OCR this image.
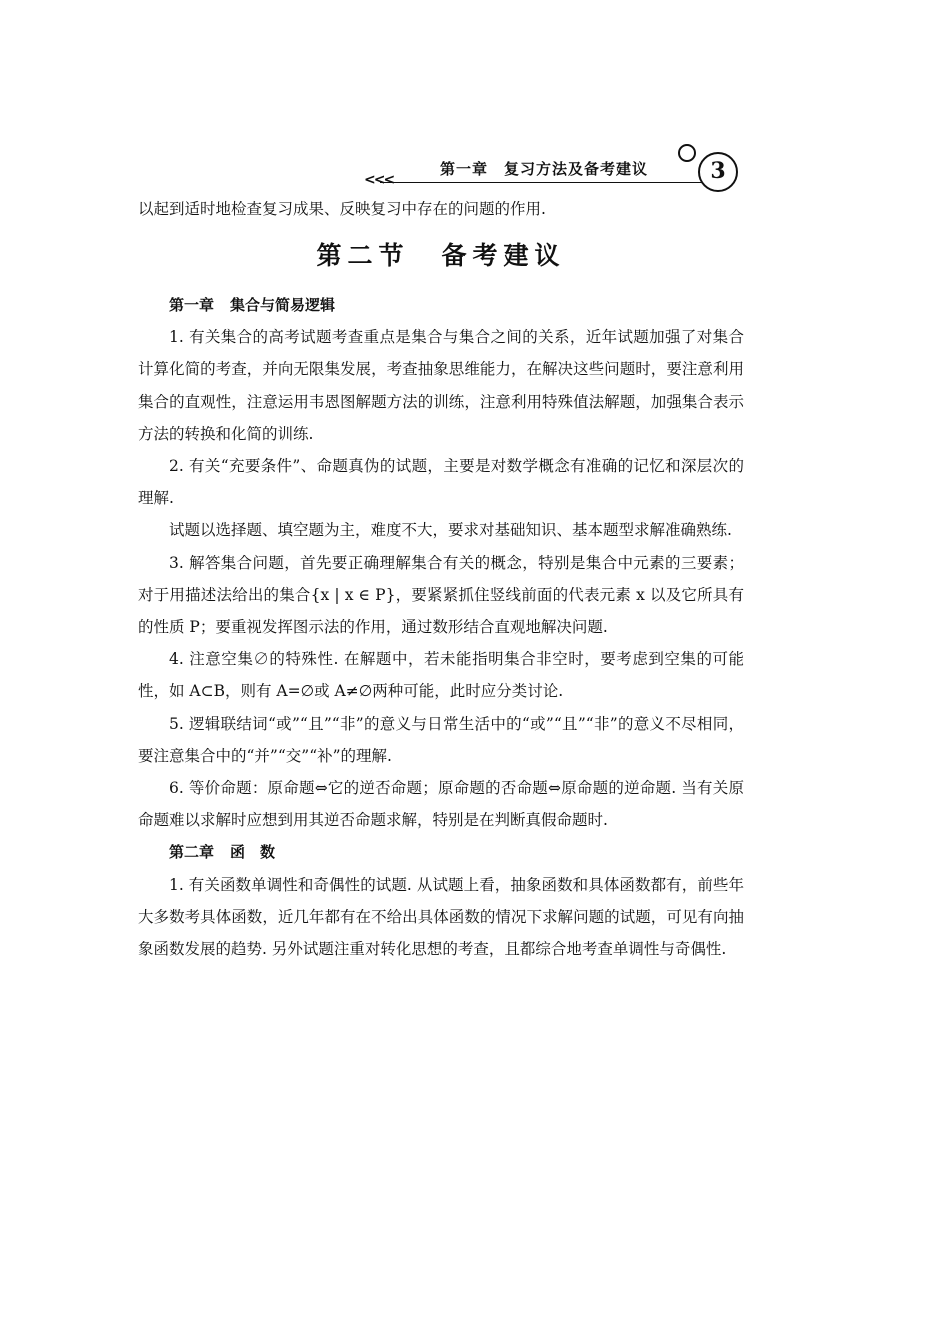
<<<
第一章　复习方法及备考建议	3

以起到适时地检查复习成果、反映复习中存在的问题的作用.

第二节 备考建议

第一章 集合与简易逻辑

1. 有关集合的高考试题考查重点是集合与集合之间的关系，近年试题加强了对集合计算化简的考查，并向无限集发展，考查抽象思维能力，在解决这些问题时，要注意利用集合的直观性，注意运用韦恩图解题方法的训练，注意利用特殊值法解题，加强集合表示方法的转换和化简的训练.

2. 有关“充要条件”、命题真伪的试题，主要是对数学概念有准确的记忆和深层次的理解.

试题以选择题、填空题为主，难度不大，要求对基础知识、基本题型求解准确熟练.

3. 解答集合问题，首先要正确理解集合有关的概念，特别是集合中元素的三要素；对于用描述法给出的集合{x | x ∈ P}，要紧紧抓住竖线前面的代表元素 x 以及它所具有的性质 P；要重视发挥图示法的作用，通过数形结合直观地解决问题.

4. 注意空集∅的特殊性. 在解题中，若未能指明集合非空时，要考虑到空集的可能性，如 A⊂B，则有 A=∅或 A≠∅两种可能，此时应分类讨论.

5. 逻辑联结词“或”“且”“非”的意义与日常生活中的“或”“且”“非”的意义不尽相同，要注意集合中的“并”“交”“补”的理解.

6. 等价命题：原命题⇔它的逆否命题；原命题的否命题⇔原命题的逆命题. 当有关原命题难以求解时应想到用其逆否命题求解，特别是在判断真假命题时.

第二章 函　数

1. 有关函数单调性和奇偶性的试题. 从试题上看，抽象函数和具体函数都有，前些年大多数考具体函数，近几年都有在不给出具体函数的情况下求解问题的试题，可见有向抽象函数发展的趋势. 另外试题注重对转化思想的考查，且都综合地考查单调性与奇偶性.
